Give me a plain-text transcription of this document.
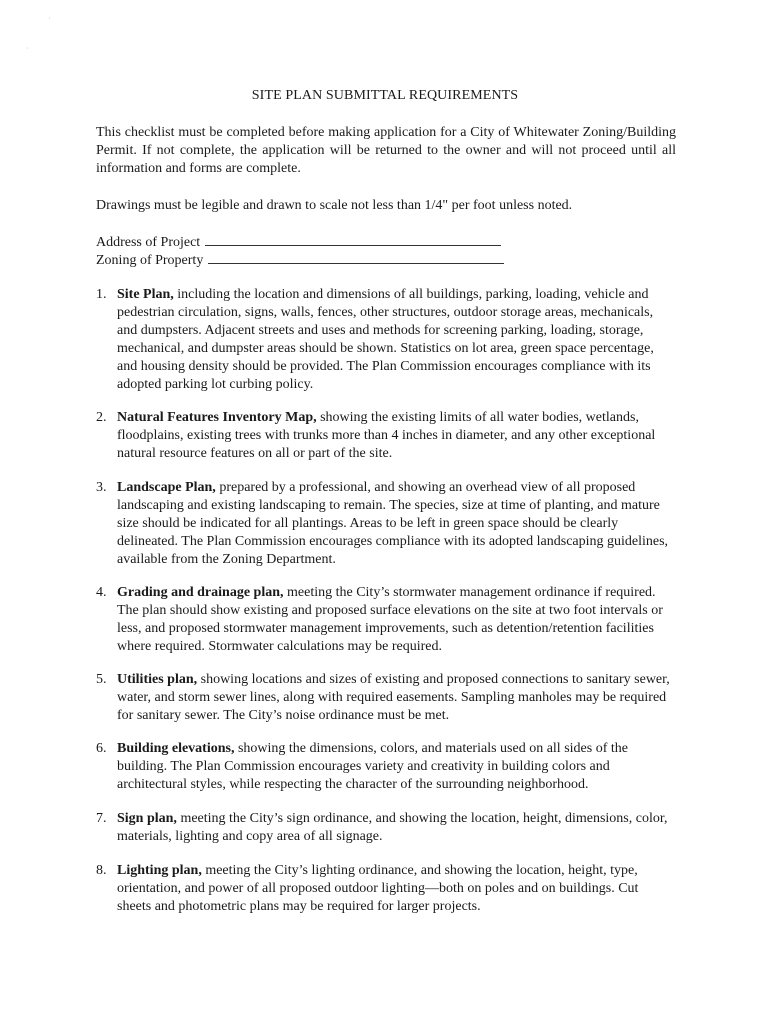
·
·
SITE PLAN SUBMITTAL REQUIREMENTS

This checklist must be completed before making application for a City of Whitewater Zoning/Building Permit. If not complete, the application will be returned to the owner and will not proceed until all information and forms are complete.

Drawings must be legible and drawn to scale not less than 1/4" per foot unless noted.

Address of Project
Zoning of Property
1. Site Plan, including the location and dimensions of all buildings, parking, loading, vehicle and pedestrian circulation, signs, walls, fences, other structures, outdoor storage areas, mechanicals, and dumpsters. Adjacent streets and uses and methods for screening parking, loading, storage, mechanical, and dumpster areas should be shown. Statistics on lot area, green space percentage, and housing density should be provided. The Plan Commission encourages compliance with its adopted parking lot curbing policy.
2. Natural Features Inventory Map, showing the existing limits of all water bodies, wetlands, floodplains, existing trees with trunks more than 4 inches in diameter, and any other exceptional natural resource features on all or part of the site.
3. Landscape Plan, prepared by a professional, and showing an overhead view of all proposed landscaping and existing landscaping to remain. The species, size at time of planting, and mature size should be indicated for all plantings. Areas to be left in green space should be clearly delineated. The Plan Commission encourages compliance with its adopted landscaping guidelines, available from the Zoning Department.
4. Grading and drainage plan, meeting the City’s stormwater management ordinance if required. The plan should show existing and proposed surface elevations on the site at two foot intervals or less, and proposed stormwater management improvements, such as detention/retention facilities where required. Stormwater calculations may be required.
5. Utilities plan, showing locations and sizes of existing and proposed connections to sanitary sewer, water, and storm sewer lines, along with required easements. Sampling manholes may be required for sanitary sewer. The City’s noise ordinance must be met.
6. Building elevations, showing the dimensions, colors, and materials used on all sides of the building. The Plan Commission encourages variety and creativity in building colors and architectural styles, while respecting the character of the surrounding neighborhood.
7. Sign plan, meeting the City’s sign ordinance, and showing the location, height, dimensions, color, materials, lighting and copy area of all signage.
8. Lighting plan, meeting the City’s lighting ordinance, and showing the location, height, type, orientation, and power of all proposed outdoor lighting—both on poles and on buildings. Cut sheets and photometric plans may be required for larger projects.
